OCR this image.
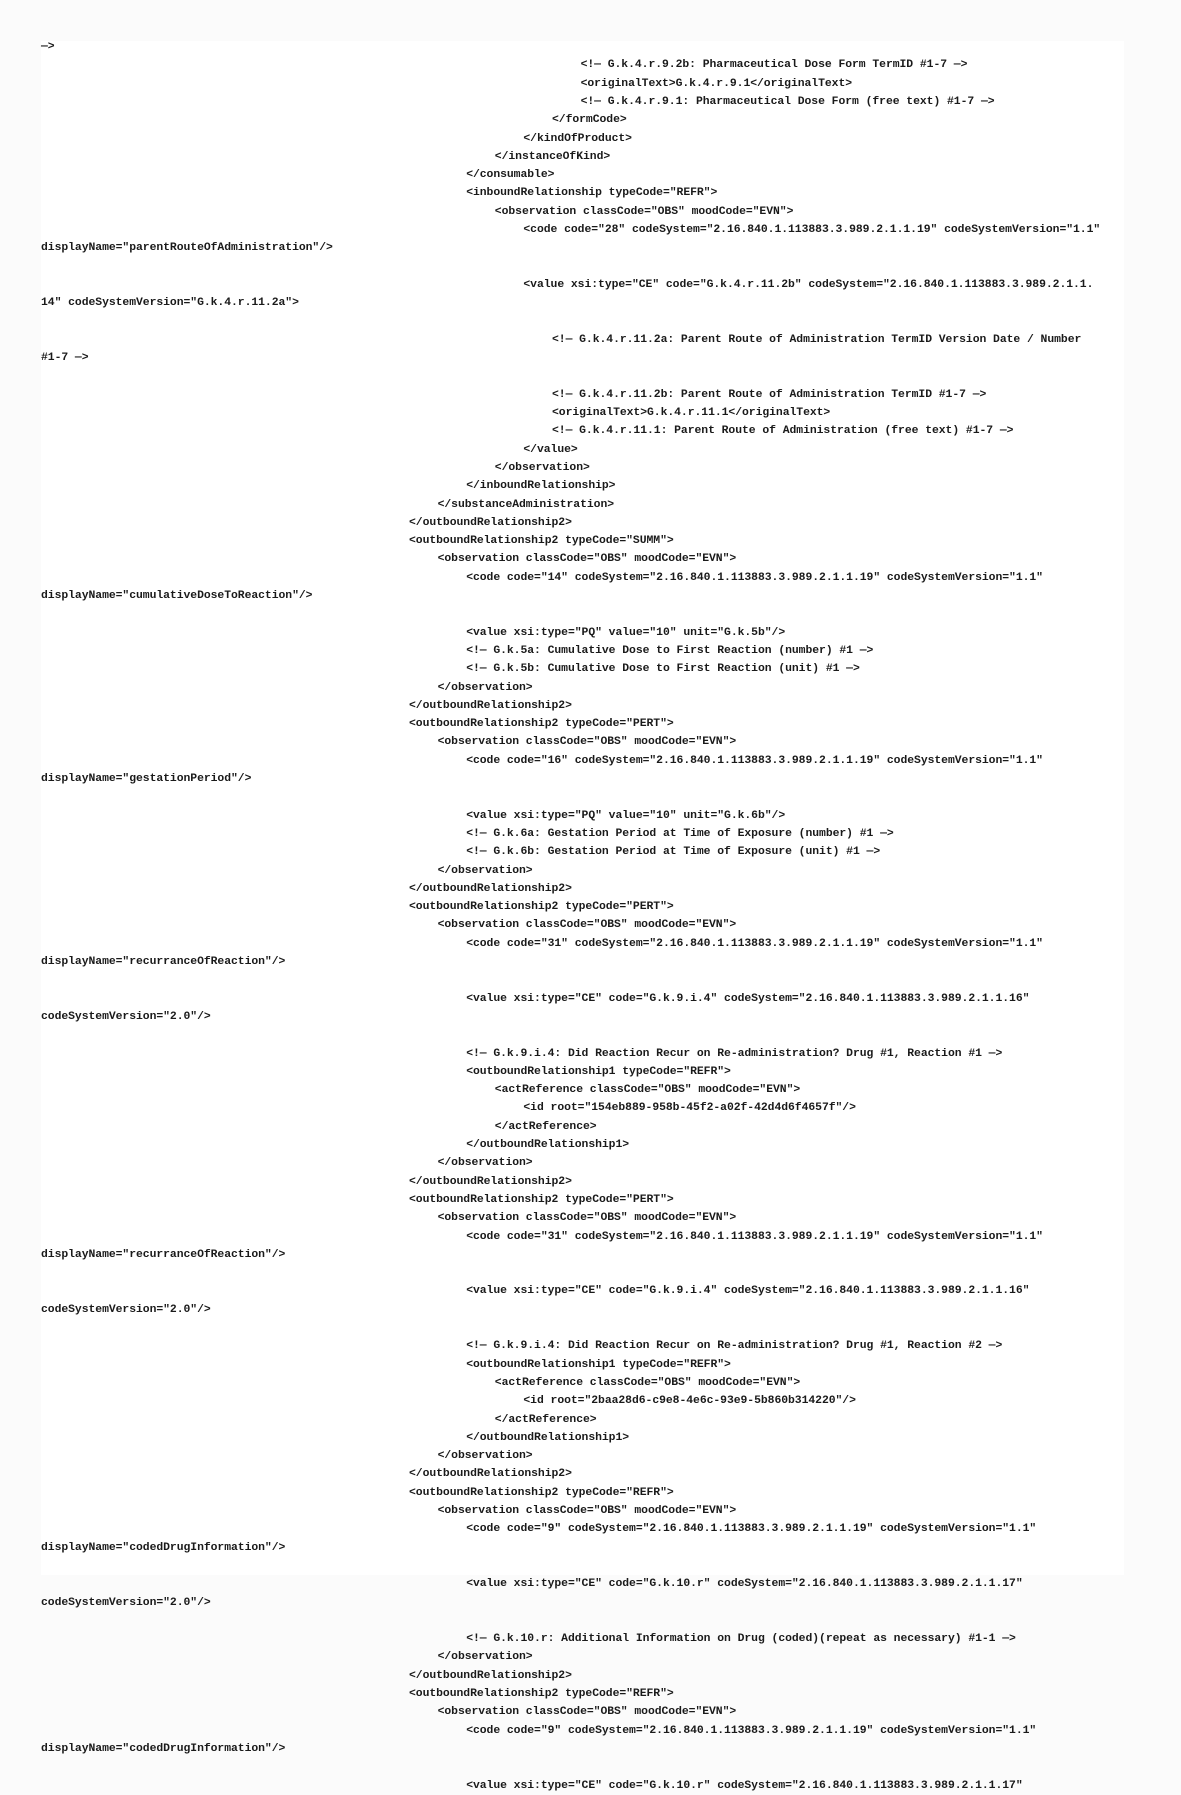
—>
<!— G.k.4.r.9.2b: Pharmaceutical Dose Form TermID #1-7 —>
<originalText>G.k.4.r.9.1</originalText>
<!— G.k.4.r.9.1: Pharmaceutical Dose Form (free text) #1-7 —>
</formCode>
</kindOfProduct>
</instanceOfKind>
</consumable>
<inboundRelationship typeCode="REFR">
<observation classCode="OBS" moodCode="EVN">
<code code="28" codeSystem="2.16.840.1.113883.3.989.2.1.1.19" codeSystemVersion="1.1"
displayName="parentRouteOfAdministration"/>
<value xsi:type="CE" code="G.k.4.r.11.2b" codeSystem="2.16.840.1.113883.3.989.2.1.1.
14" codeSystemVersion="G.k.4.r.11.2a">
<!— G.k.4.r.11.2a: Parent Route of Administration TermID Version Date / Number
#1-7 —>
<!— G.k.4.r.11.2b: Parent Route of Administration TermID #1-7 —>
<originalText>G.k.4.r.11.1</originalText>
<!— G.k.4.r.11.1: Parent Route of Administration (free text) #1-7 —>
</value>
</observation>
</inboundRelationship>
</substanceAdministration>
</outboundRelationship2>
<outboundRelationship2 typeCode="SUMM">
<observation classCode="OBS" moodCode="EVN">
<code code="14" codeSystem="2.16.840.1.113883.3.989.2.1.1.19" codeSystemVersion="1.1"
displayName="cumulativeDoseToReaction"/>
<value xsi:type="PQ" value="10" unit="G.k.5b"/>
<!— G.k.5a: Cumulative Dose to First Reaction (number) #1 —>
<!— G.k.5b: Cumulative Dose to First Reaction (unit) #1 —>
</observation>
</outboundRelationship2>
<outboundRelationship2 typeCode="PERT">
<observation classCode="OBS" moodCode="EVN">
<code code="16" codeSystem="2.16.840.1.113883.3.989.2.1.1.19" codeSystemVersion="1.1"
displayName="gestationPeriod"/>
<value xsi:type="PQ" value="10" unit="G.k.6b"/>
<!— G.k.6a: Gestation Period at Time of Exposure (number) #1 —>
<!— G.k.6b: Gestation Period at Time of Exposure (unit) #1 —>
</observation>
</outboundRelationship2>
<outboundRelationship2 typeCode="PERT">
<observation classCode="OBS" moodCode="EVN">
<code code="31" codeSystem="2.16.840.1.113883.3.989.2.1.1.19" codeSystemVersion="1.1"
displayName="recurranceOfReaction"/>
<value xsi:type="CE" code="G.k.9.i.4" codeSystem="2.16.840.1.113883.3.989.2.1.1.16"
codeSystemVersion="2.0"/>
<!— G.k.9.i.4: Did Reaction Recur on Re-administration? Drug #1, Reaction #1 —>
<outboundRelationship1 typeCode="REFR">
<actReference classCode="OBS" moodCode="EVN">
<id root="154eb889-958b-45f2-a02f-42d4d6f4657f"/>
</actReference>
</outboundRelationship1>
</observation>
</outboundRelationship2>
<outboundRelationship2 typeCode="PERT">
<observation classCode="OBS" moodCode="EVN">
<code code="31" codeSystem="2.16.840.1.113883.3.989.2.1.1.19" codeSystemVersion="1.1"
displayName="recurranceOfReaction"/>
<value xsi:type="CE" code="G.k.9.i.4" codeSystem="2.16.840.1.113883.3.989.2.1.1.16"
codeSystemVersion="2.0"/>
<!— G.k.9.i.4: Did Reaction Recur on Re-administration? Drug #1, Reaction #2 —>
<outboundRelationship1 typeCode="REFR">
<actReference classCode="OBS" moodCode="EVN">
<id root="2baa28d6-c9e8-4e6c-93e9-5b860b314220"/>
</actReference>
</outboundRelationship1>
</observation>
</outboundRelationship2>
<outboundRelationship2 typeCode="REFR">
<observation classCode="OBS" moodCode="EVN">
<code code="9" codeSystem="2.16.840.1.113883.3.989.2.1.1.19" codeSystemVersion="1.1"
displayName="codedDrugInformation"/>
<value xsi:type="CE" code="G.k.10.r" codeSystem="2.16.840.1.113883.3.989.2.1.1.17"
codeSystemVersion="2.0"/>
<!— G.k.10.r: Additional Information on Drug (coded)(repeat as necessary) #1-1 —>
</observation>
</outboundRelationship2>
<outboundRelationship2 typeCode="REFR">
<observation classCode="OBS" moodCode="EVN">
<code code="9" codeSystem="2.16.840.1.113883.3.989.2.1.1.19" codeSystemVersion="1.1"
displayName="codedDrugInformation"/>
<value xsi:type="CE" code="G.k.10.r" codeSystem="2.16.840.1.113883.3.989.2.1.1.17"
